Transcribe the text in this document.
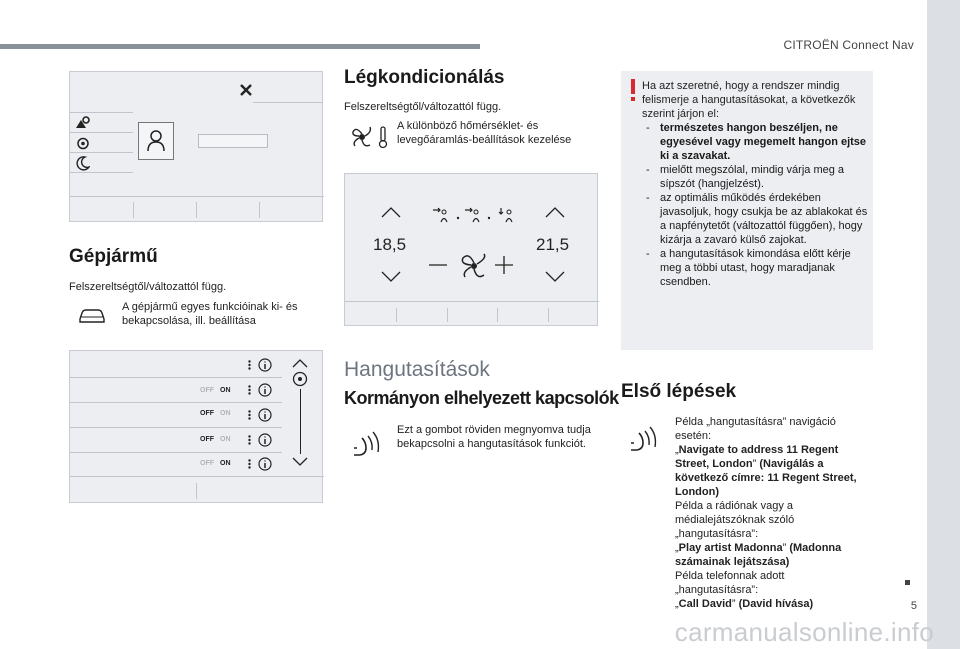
CITROËN Connect Nav
5
carmanualsonline.info
Gépjármű
Felszereltségtől/változattól függ.
A gépjármű egyes funkcióinak ki- és bekapcsolása, ill. beállítása
OFF ON
OFF ON
OFF ON
OFF ON
Légkondicionálás
Felszereltségtől/változattól függ.
A különböző hőmérséklet- és levegőáramlás-beállítások kezelése
18,5	21,5
Hangutasítások
Kormányon elhelyezett kapcsolók
Ezt a gombot röviden megnyomva tudja bekapcsolni a hangutasítások funkciót.
Ha azt szeretné, hogy a rendszer mindig felismerje a hangutasításokat, a következők szerint járjon el:
- természetes hangon beszéljen, ne egyesével vagy megemelt hangon ejtse ki a szavakat.
- mielőtt megszólal, mindig várja meg a sípszót (hangjelzést).
- az optimális működés érdekében javasoljuk, hogy csukja be az ablakokat és a napfénytetőt (változattól függően), hogy kizárja a zavaró külső zajokat.
- a hangutasítások kimondása előtt kérje meg a többi utast, hogy maradjanak csendben.
Első lépések
Példa „hangutasításra” navigáció esetén:
„Navigate to address 11 Regent Street, London” (Navigálás a következő címre: 11 Regent Street, London)
Példa a rádiónak vagy a médialejátszóknak szóló „hangutasításra”:
„Play artist Madonna” (Madonna számainak lejátszása)
Példa telefonnak adott „hangutasításra”:
„Call David” (David hívása)
